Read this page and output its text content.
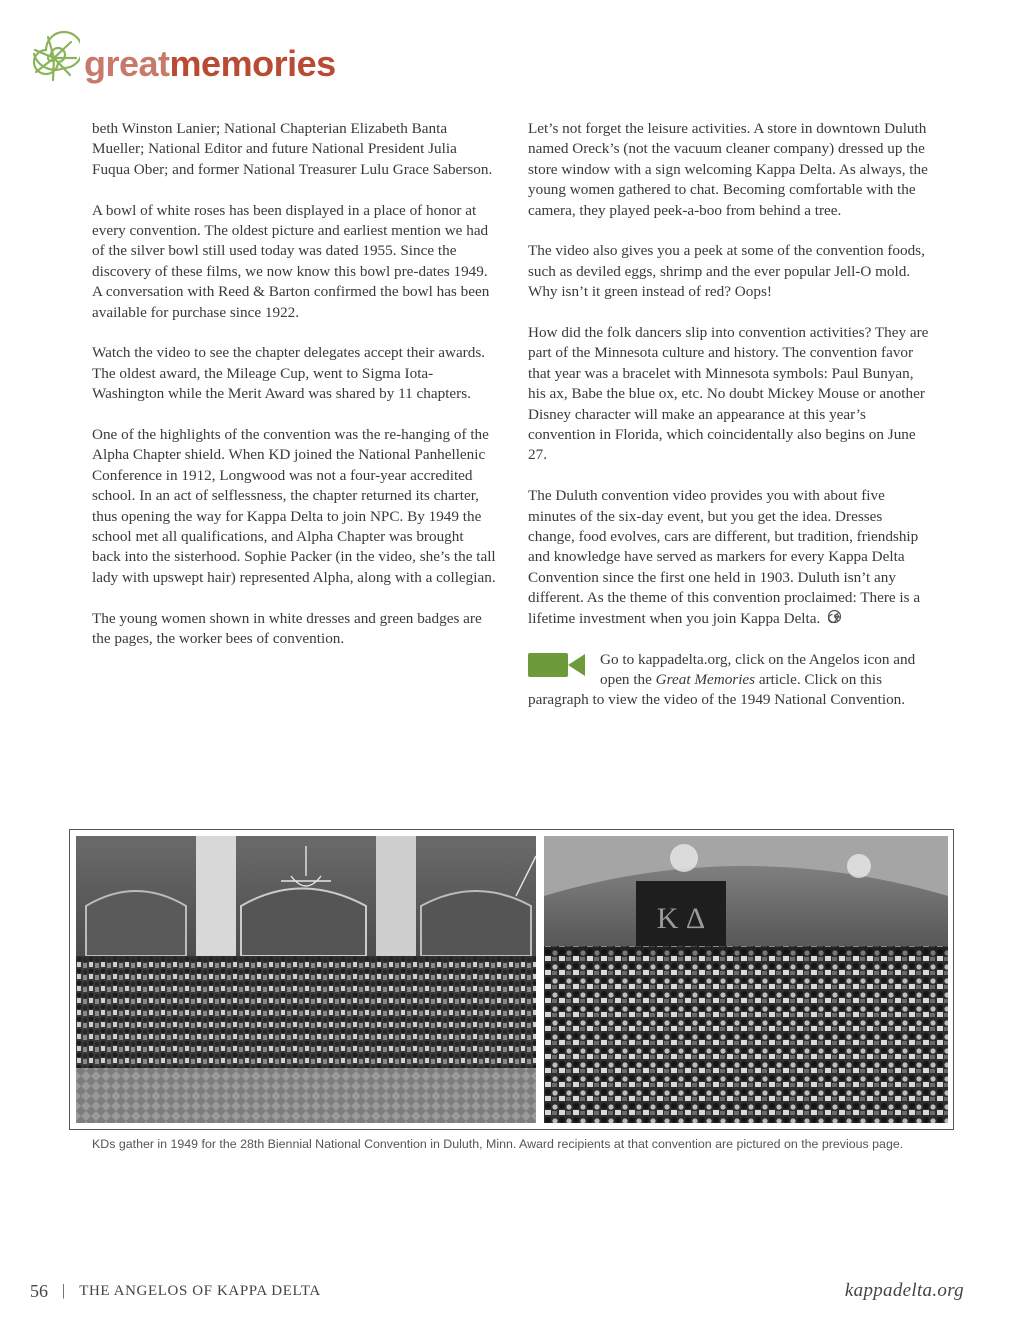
greatmemories

beth Winston Lanier; National Chapterian Elizabeth Banta Mueller; National Editor and future National President Julia Fuqua Ober; and former National Treasurer Lulu Grace Saberson.

A bowl of white roses has been displayed in a place of honor at every convention. The oldest picture and earliest mention we had of the silver bowl still used today was dated 1955. Since the discovery of these films, we now know this bowl pre-dates 1949. A conversation with Reed & Barton confirmed the bowl has been available for purchase since 1922.

Watch the video to see the chapter delegates accept their awards. The oldest award, the Mileage Cup, went to Sigma Iota-Washington while the Merit Award was shared by 11 chapters.

One of the highlights of the convention was the re-hanging of the Alpha Chapter shield. When KD joined the National Panhellenic Conference in 1912, Longwood was not a four-year accredited school. In an act of selflessness, the chapter returned its charter, thus opening the way for Kappa Delta to join NPC. By 1949 the school met all qualifications, and Alpha Chapter was brought back into the sisterhood. Sophie Packer (in the video, she’s the tall lady with upswept hair) represented Alpha, along with a collegian.

The young women shown in white dresses and green badges are the pages, the worker bees of convention.

Let’s not forget the leisure activities. A store in downtown Duluth named Oreck’s (not the vacuum cleaner company) dressed up the store window with a sign welcoming Kappa Delta. As always, the young women gathered to chat. Becoming comfortable with the camera, they played peek-a-boo from behind a tree.

The video also gives you a peek at some of the convention foods, such as deviled eggs, shrimp and the ever popular Jell-O mold. Why isn’t it green instead of red? Oops!

How did the folk dancers slip into convention activities? They are part of the Minnesota culture and history. The convention favor that year was a bracelet with Minnesota symbols: Paul Bunyan, his ax, Babe the blue ox, etc. No doubt Mickey Mouse or another Disney character will make an appearance at this year’s convention in Florida, which coincidentally also begins on June 27.

The Duluth convention video provides you with about five minutes of the six-day event, but you get the idea. Dresses change, food evolves, cars are different, but tradition, friendship and knowledge have served as markers for every Kappa Delta Convention since the first one held in 1903. Duluth isn’t any different. As the theme of this convention proclaimed: There is a lifetime investment when you join Kappa Delta.

Go to kappadelta.org, click on the Angelos icon and open the Great Memories article. Click on this paragraph to view the video of the 1949 National Convention.
K Δ
KDs gather in 1949 for the 28th Biennial National Convention in Duluth, Minn. Award recipients at that convention are pictured on the previous page.
56 | THE ANGELOS OF KAPPA DELTA	kappadelta.org
